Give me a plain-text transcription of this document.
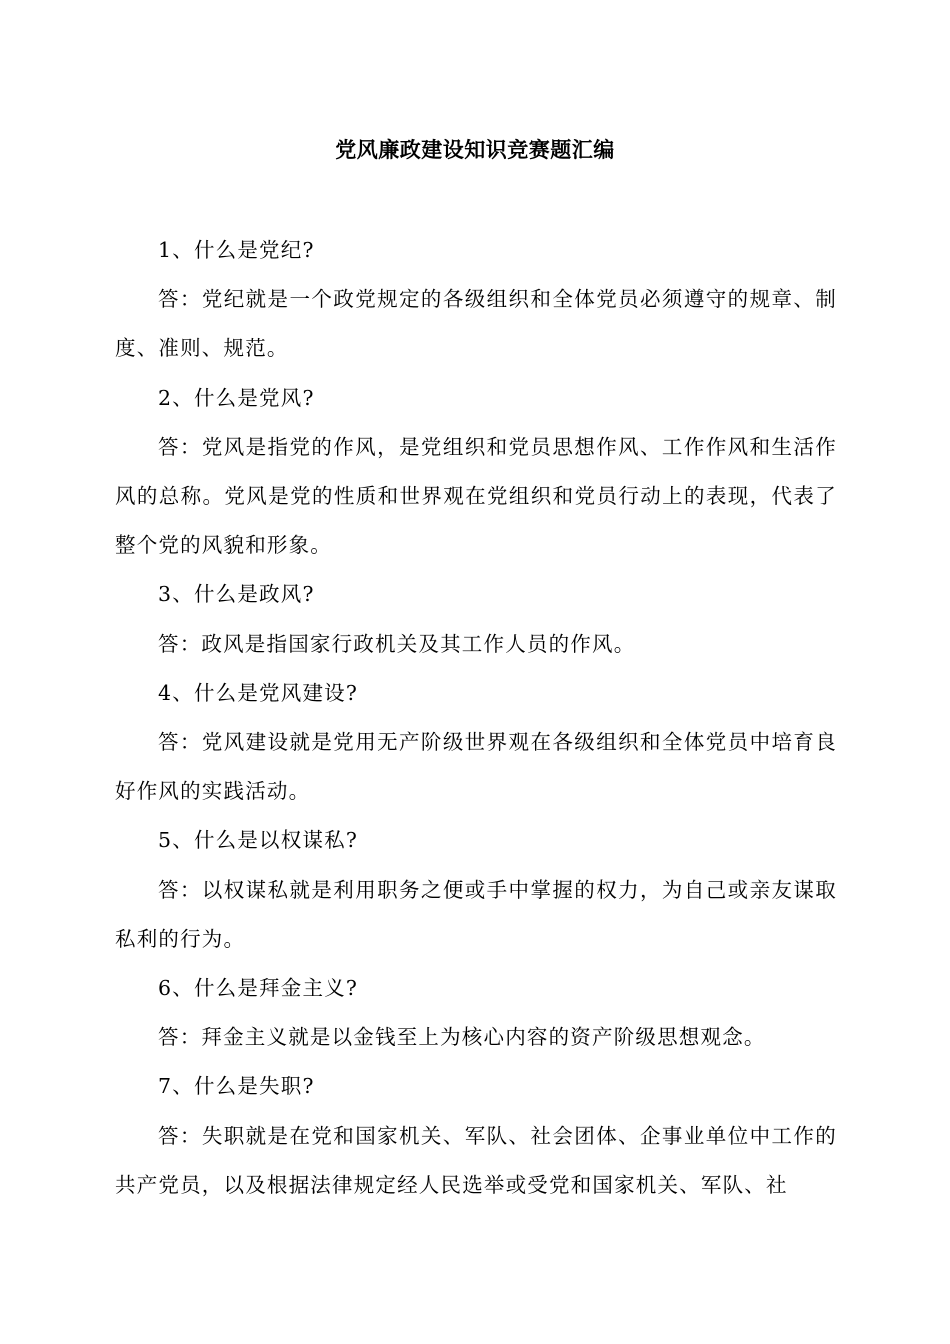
党风廉政建设知识竞赛题汇编

1、什么是党纪?

答：党纪就是一个政党规定的各级组织和全体党员必须遵守的规章、制度、准则、规范。

2、什么是党风?

答：党风是指党的作风，是党组织和党员思想作风、工作作风和生活作风的总称。党风是党的性质和世界观在党组织和党员行动上的表现，代表了整个党的风貌和形象。

3、什么是政风?

答：政风是指国家行政机关及其工作人员的作风。

4、什么是党风建设?

答：党风建设就是党用无产阶级世界观在各级组织和全体党员中培育良好作风的实践活动。

5、什么是以权谋私?

答：以权谋私就是利用职务之便或手中掌握的权力，为自己或亲友谋取私利的行为。

6、什么是拜金主义?

答：拜金主义就是以金钱至上为核心内容的资产阶级思想观念。

7、什么是失职?

答：失职就是在党和国家机关、军队、社会团体、企事业单位中工作的共产党员，以及根据法律规定经人民选举或受党和国家机关、军队、社
